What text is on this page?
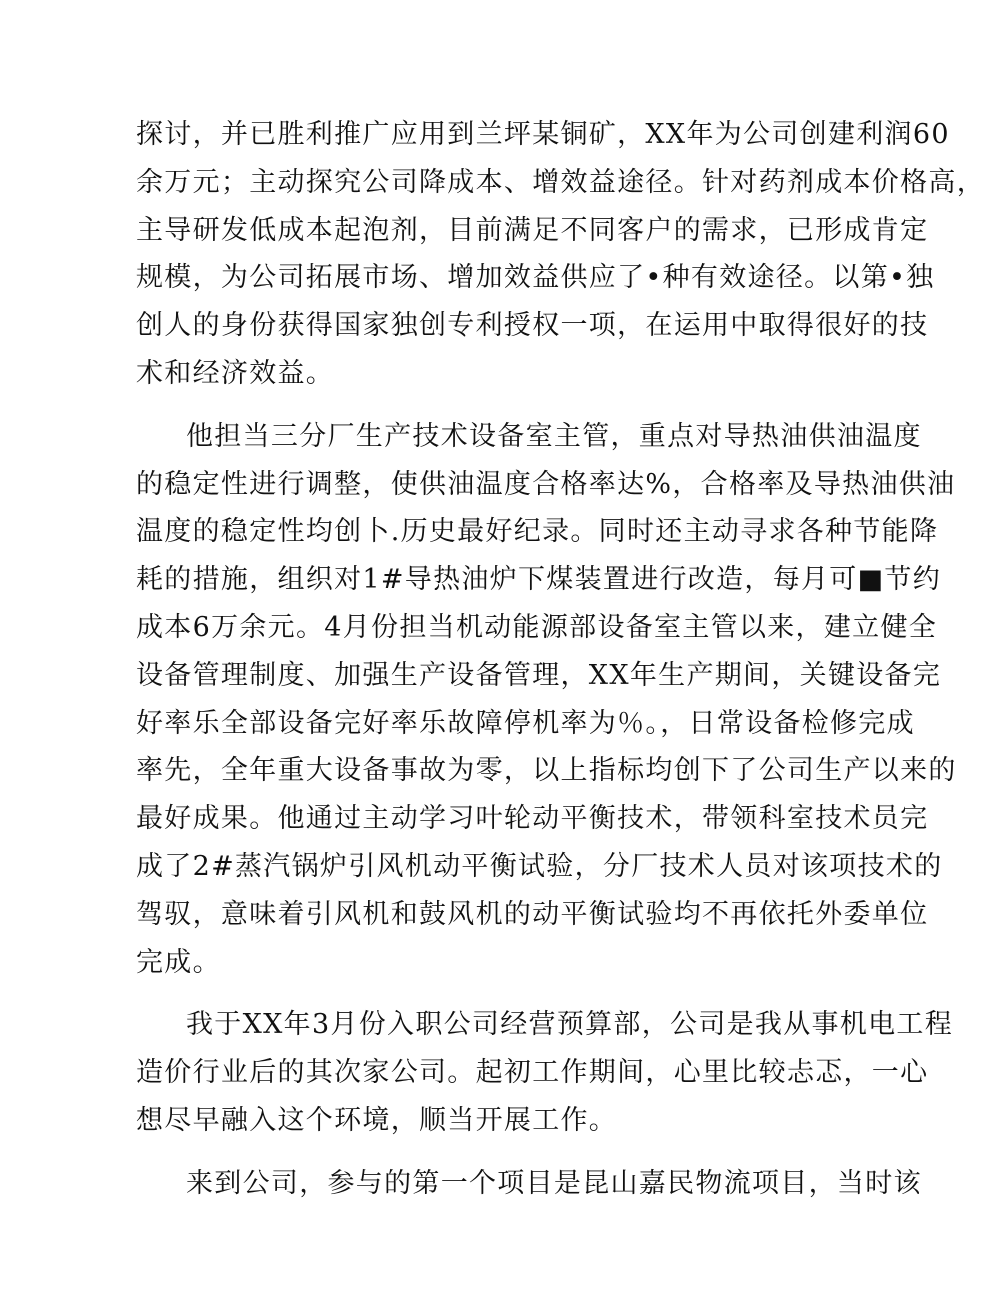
探讨，并已胜利推广应用到兰坪某铜矿，XX年为公司创建利润60
余万元；主动探究公司降成本、增效益途径。针对药剂成本价格高，
主导研发低成本起泡剂，目前满足不同客户的需求，已形成肯定
规模，为公司拓展市场、增加效益供应了•种有效途径。以第•独
创人的身份获得国家独创专利授权一项，在运用中取得很好的技
术和经济效益。
他担当三分厂生产技术设备室主管，重点对导热油供油温度
的稳定性进行调整，使供油温度合格率达%，合格率及导热油供油
温度的稳定性均创卜.历史最好纪录。同时还主动寻求各种节能降
耗的措施，组织对1#导热油炉下煤装置进行改造，每月可■节约
成本6万余元。4月份担当机动能源部设备室主管以来，建立健全
设备管理制度、加强生产设备管理，XX年生产期间，关键设备完
好率乐全部设备完好率乐故障停机率为％。，日常设备检修完成
率先，全年重大设备事故为零，以上指标均创下了公司生产以来的
最好成果。他通过主动学习叶轮动平衡技术，带领科室技术员完
成了2#蒸汽锅炉引风机动平衡试验，分厂技术人员对该项技术的
驾驭，意味着引风机和鼓风机的动平衡试验均不再依托外委单位
完成。
我于XX年3月份入职公司经营预算部，公司是我从事机电工程
造价行业后的其次家公司。起初工作期间，心里比较忐忑，一心
想尽早融入这个环境，顺当开展工作。
来到公司，参与的第一个项目是昆山嘉民物流项目，当时该
